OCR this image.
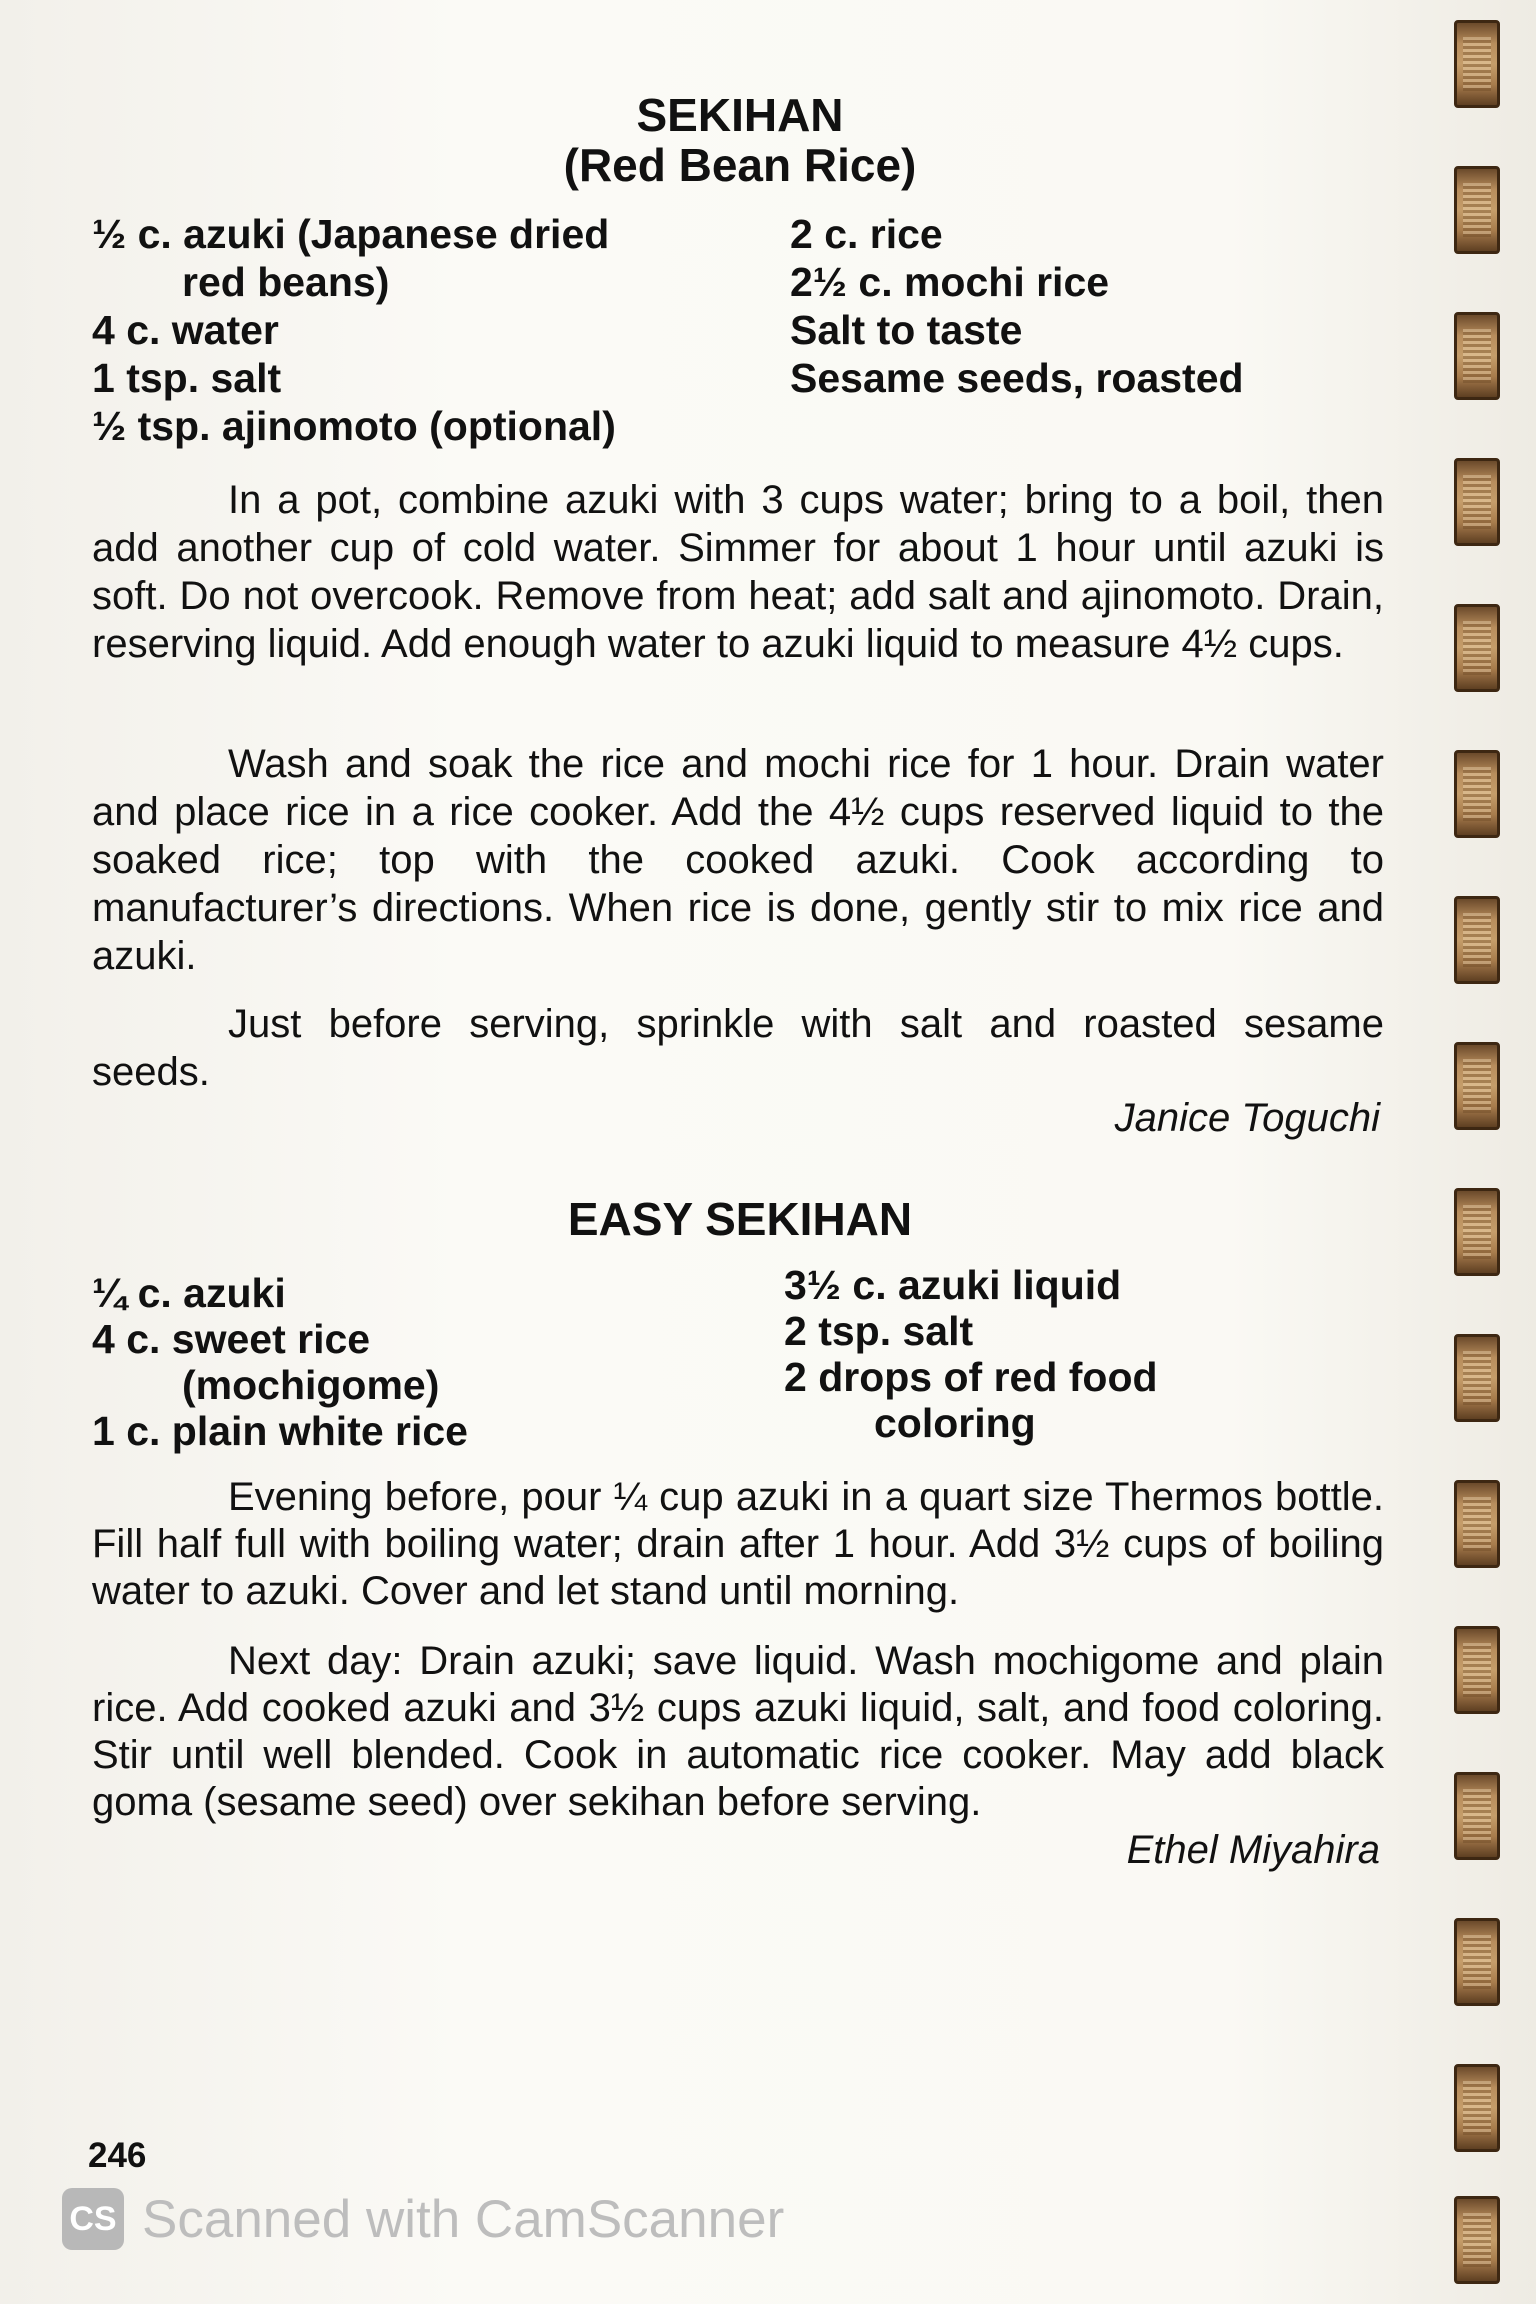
SEKIHAN
(Red Bean Rice)
½ c. azuki (Japanese dried
red beans)
4 c. water
1 tsp. salt
½ tsp. ajinomoto (optional)
2 c. rice
2½ c. mochi rice
Salt to taste
Sesame seeds, roasted
In a pot, combine azuki with 3 cups water; bring to a boil, then add another cup of cold water. Simmer for about 1 hour until azuki is soft. Do not overcook. Remove from heat; add salt and ajinomoto. Drain, reserving liquid. Add enough water to azuki liquid to measure 4½ cups.
Wash and soak the rice and mochi rice for 1 hour. Drain water and place rice in a rice cooker. Add the 4½ cups reserved liquid to the soaked rice; top with the cooked azuki. Cook according to manufacturer’s directions. When rice is done, gently stir to mix rice and azuki.
Just before serving, sprinkle with salt and roasted sesame seeds.
Janice Toguchi
EASY SEKIHAN
¼ c. azuki
4 c. sweet rice
(mochigome)
1 c. plain white rice
3½ c. azuki liquid
2 tsp. salt
2 drops of red food
coloring
Evening before, pour ¼ cup azuki in a quart size Thermos bottle. Fill half full with boiling water; drain after 1 hour. Add 3½ cups of boiling water to azuki. Cover and let stand until morning.
Next day: Drain azuki; save liquid. Wash mochigome and plain rice. Add cooked azuki and 3½ cups azuki liquid, salt, and food coloring. Stir until well blended. Cook in automatic rice cooker. May add black goma (sesame seed) over sekihan before serving.
Ethel Miyahira
246
CS Scanned with CamScanner
